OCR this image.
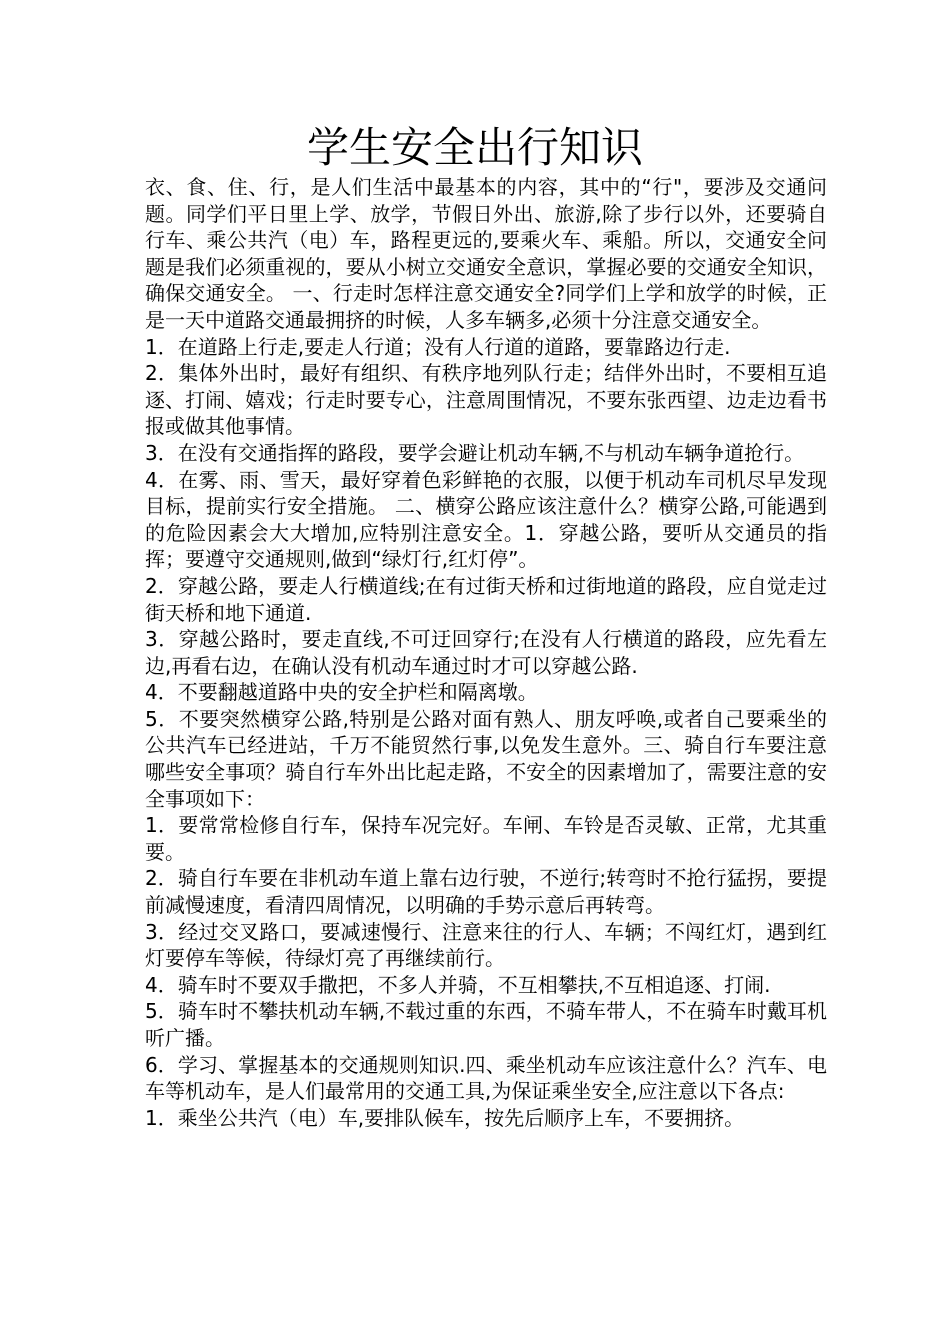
学生安全出行知识

衣、食、住、行，是人们生活中最基本的内容，其中的“行"，要涉及交通问题。同学们平日里上学、放学，节假日外出、旅游,除了步行以外，还要骑自行车、乘公共汽（电）车，路程更远的,要乘火车、乘船。所以，交通安全问题是我们必须重视的，要从小树立交通安全意识，掌握必要的交通安全知识，确保交通安全。 一、行走时怎样注意交通安全?同学们上学和放学的时候，正是一天中道路交通最拥挤的时候，人多车辆多,必须十分注意交通安全。

1．在道路上行走,要走人行道；没有人行道的道路，要靠路边行走.

2．集体外出时，最好有组织、有秩序地列队行走；结伴外出时，不要相互追逐、打闹、嬉戏；行走时要专心，注意周围情况，不要东张西望、边走边看书报或做其他事情。

3．在没有交通指挥的路段，要学会避让机动车辆,不与机动车辆争道抢行。

4．在雾、雨、雪天，最好穿着色彩鲜艳的衣服，以便于机动车司机尽早发现目标，提前实行安全措施。 二、横穿公路应该注意什么？横穿公路,可能遇到的危险因素会大大增加,应特别注意安全。1．穿越公路，要听从交通员的指挥；要遵守交通规则,做到“绿灯行,红灯停”。

2．穿越公路，要走人行横道线;在有过街天桥和过街地道的路段，应自觉走过街天桥和地下通道.

3．穿越公路时，要走直线,不可迂回穿行;在没有人行横道的路段，应先看左边,再看右边，在确认没有机动车通过时才可以穿越公路.

4．不要翻越道路中央的安全护栏和隔离墩。

5．不要突然横穿公路,特别是公路对面有熟人、朋友呼唤,或者自己要乘坐的公共汽车已经进站，千万不能贸然行事,以免发生意外。三、骑自行车要注意哪些安全事项？骑自行车外出比起走路，不安全的因素增加了，需要注意的安全事项如下：

1．要常常检修自行车，保持车况完好。车闸、车铃是否灵敏、正常，尤其重要。

2．骑自行车要在非机动车道上靠右边行驶，不逆行;转弯时不抢行猛拐，要提前减慢速度，看清四周情况，以明确的手势示意后再转弯。

3．经过交叉路口，要减速慢行、注意来往的行人、车辆；不闯红灯，遇到红灯要停车等候，待绿灯亮了再继续前行。

4．骑车时不要双手撒把，不多人并骑，不互相攀扶,不互相追逐、打闹.

5．骑车时不攀扶机动车辆,不载过重的东西，不骑车带人，不在骑车时戴耳机听广播。

6．学习、掌握基本的交通规则知识.四、乘坐机动车应该注意什么？汽车、电车等机动车，是人们最常用的交通工具,为保证乘坐安全,应注意以下各点:

1．乘坐公共汽（电）车,要排队候车，按先后顺序上车，不要拥挤。
